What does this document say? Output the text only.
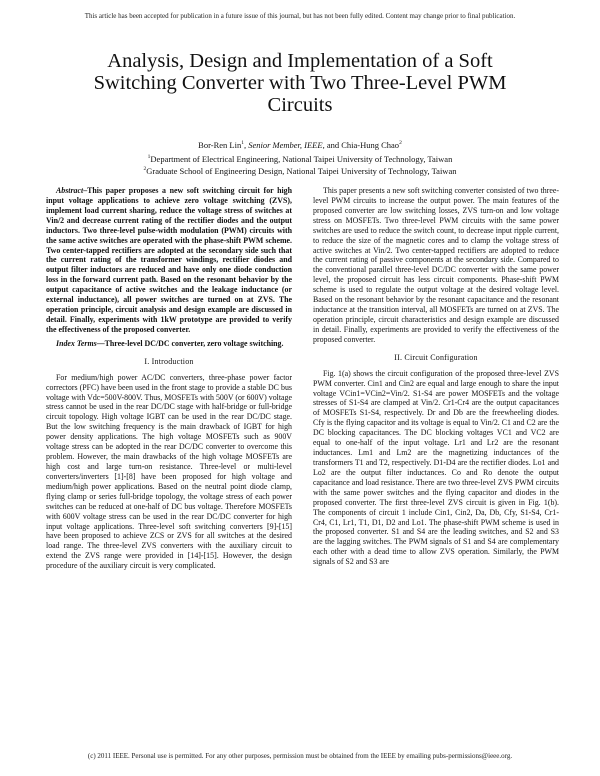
This article has been accepted for publication in a future issue of this journal, but has not been fully edited. Content may change prior to final publication.
Analysis, Design and Implementation of a Soft Switching Converter with Two Three-Level PWM Circuits
Bor-Ren Lin$^1$, Senior Member, IEEE, and Chia-Hung Chao$^2$
$^1$Department of Electrical Engineering, National Taipei University of Technology, Taiwan
$^2$Graduate School of Engineering Design, National Taipei University of Technology, Taiwan

Abstract–This paper proposes a new soft switching circuit for high input voltage applications to achieve zero voltage switching (ZVS), implement load current sharing, reduce the voltage stress of switches at Vin/2 and decrease current rating of the rectifier diodes and the output inductors. Two three-level pulse-width modulation (PWM) circuits with the same active switches are operated with the phase-shift PWM scheme. Two center-tapped rectifiers are adopted at the secondary side such that the current rating of the transformer windings, rectifier diodes and output filter inductors are reduced and have only one diode conduction loss in the forward current path. Based on the resonant behavior by the output capacitance of active switches and the leakage inductance (or external inductance), all power switches are turned on at ZVS. The operation principle, circuit analysis and design example are discussed in detail. Finally, experiments with 1kW prototype are provided to verify the effectiveness of the proposed converter.

Index Terms—Three-level DC/DC converter, zero voltage switching.

I. Introduction

For medium/high power AC/DC converters, three-phase power factor correctors (PFC) have been used in the front stage to provide a stable DC bus voltage with Vdc=500V-800V. Thus, MOSFETs with 500V (or 600V) voltage stress cannot be used in the rear DC/DC stage with half-bridge or full-bridge circuit topology. High voltage IGBT can be used in the rear DC/DC stage. But the low switching frequency is the main drawback of IGBT for high power density applications. The high voltage MOSFETs such as 900V voltage stress can be adopted in the rear DC/DC converter to overcome this problem. However, the main drawbacks of the high voltage MOSFETs are high cost and large turn-on resistance. Three-level or multi-level converters/inverters [1]-[8] have been proposed for high voltage and medium/high power applications. Based on the neutral point diode clamp, flying clamp or series full-bridge topology, the voltage stress of each power switches can be reduced at one-half of DC bus voltage. Therefore MOSFETs with 600V voltage stress can be used in the rear DC/DC converter for high input voltage applications. Three-level soft switching converters [9]-[15] have been proposed to achieve ZCS or ZVS for all switches at the desired load range. The three-level ZVS converters with the auxiliary circuit to extend the ZVS range were provided in [14]-[15]. However, the design procedure of the auxiliary circuit is very complicated.

This paper presents a new soft switching converter consisted of two three-level PWM circuits to increase the output power. The main features of the proposed converter are low switching losses, ZVS turn-on and low voltage stress on MOSFETs. Two three-level PWM circuits with the same power switches are used to reduce the switch count, to decrease input ripple current, to reduce the size of the magnetic cores and to clamp the voltage stress of active switches at Vin/2. Two center-tapped rectifiers are adopted to reduce the current rating of passive components at the secondary side. Compared to the conventional parallel three-level DC/DC converter with the same power level, the proposed circuit has less circuit components. Phase-shift PWM scheme is used to regulate the output voltage at the desired voltage level. Based on the resonant behavior by the resonant capacitance and the resonant inductance at the transition interval, all MOSFETs are turned on at ZVS. The operation principle, circuit characteristics and design example are discussed in detail. Finally, experiments are provided to verify the effectiveness of the proposed converter.

II. Circuit Configuration

Fig. 1(a) shows the circuit configuration of the proposed three-level ZVS PWM converter. Cin1 and Cin2 are equal and large enough to share the input voltage VCin1=VCin2=Vin/2. S1-S4 are power MOSFETs and the voltage stresses of S1-S4 are clamped at Vin/2. Cr1-Cr4 are the output capacitances of MOSFETs S1-S4, respectively. Dr and Db are the freewheeling diodes. Cfy is the flying capacitor and its voltage is equal to Vin/2. C1 and C2 are the DC blocking capacitances. The DC blocking voltages VC1 and VC2 are equal to one-half of the input voltage. Lr1 and Lr2 are the resonant inductances. Lm1 and Lm2 are the magnetizing inductances of the transformers T1 and T2, respectively. D1-D4 are the rectifier diodes. Lo1 and Lo2 are the output filter inductances. Co and Ro denote the output capacitance and load resistance. There are two three-level ZVS PWM circuits with the same power switches and the flying capacitor and diodes in the proposed converter. The first three-level ZVS circuit is given in Fig. 1(b). The components of circuit 1 include Cin1, Cin2, Da, Db, Cfy, S1-S4, Cr1-Cr4, C1, Lr1, T1, D1, D2 and Lo1. The phase-shift PWM scheme is used in the proposed converter. S1 and S4 are the leading switches, and S2 and S3 are the lagging switches. The PWM signals of S1 and S4 are complementary each other with a dead time to allow ZVS operation. Similarly, the PWM signals of S2 and S3 are

(c) 2011 IEEE. Personal use is permitted. For any other purposes, permission must be obtained from the IEEE by emailing pubs-permissions@ieee.org.
